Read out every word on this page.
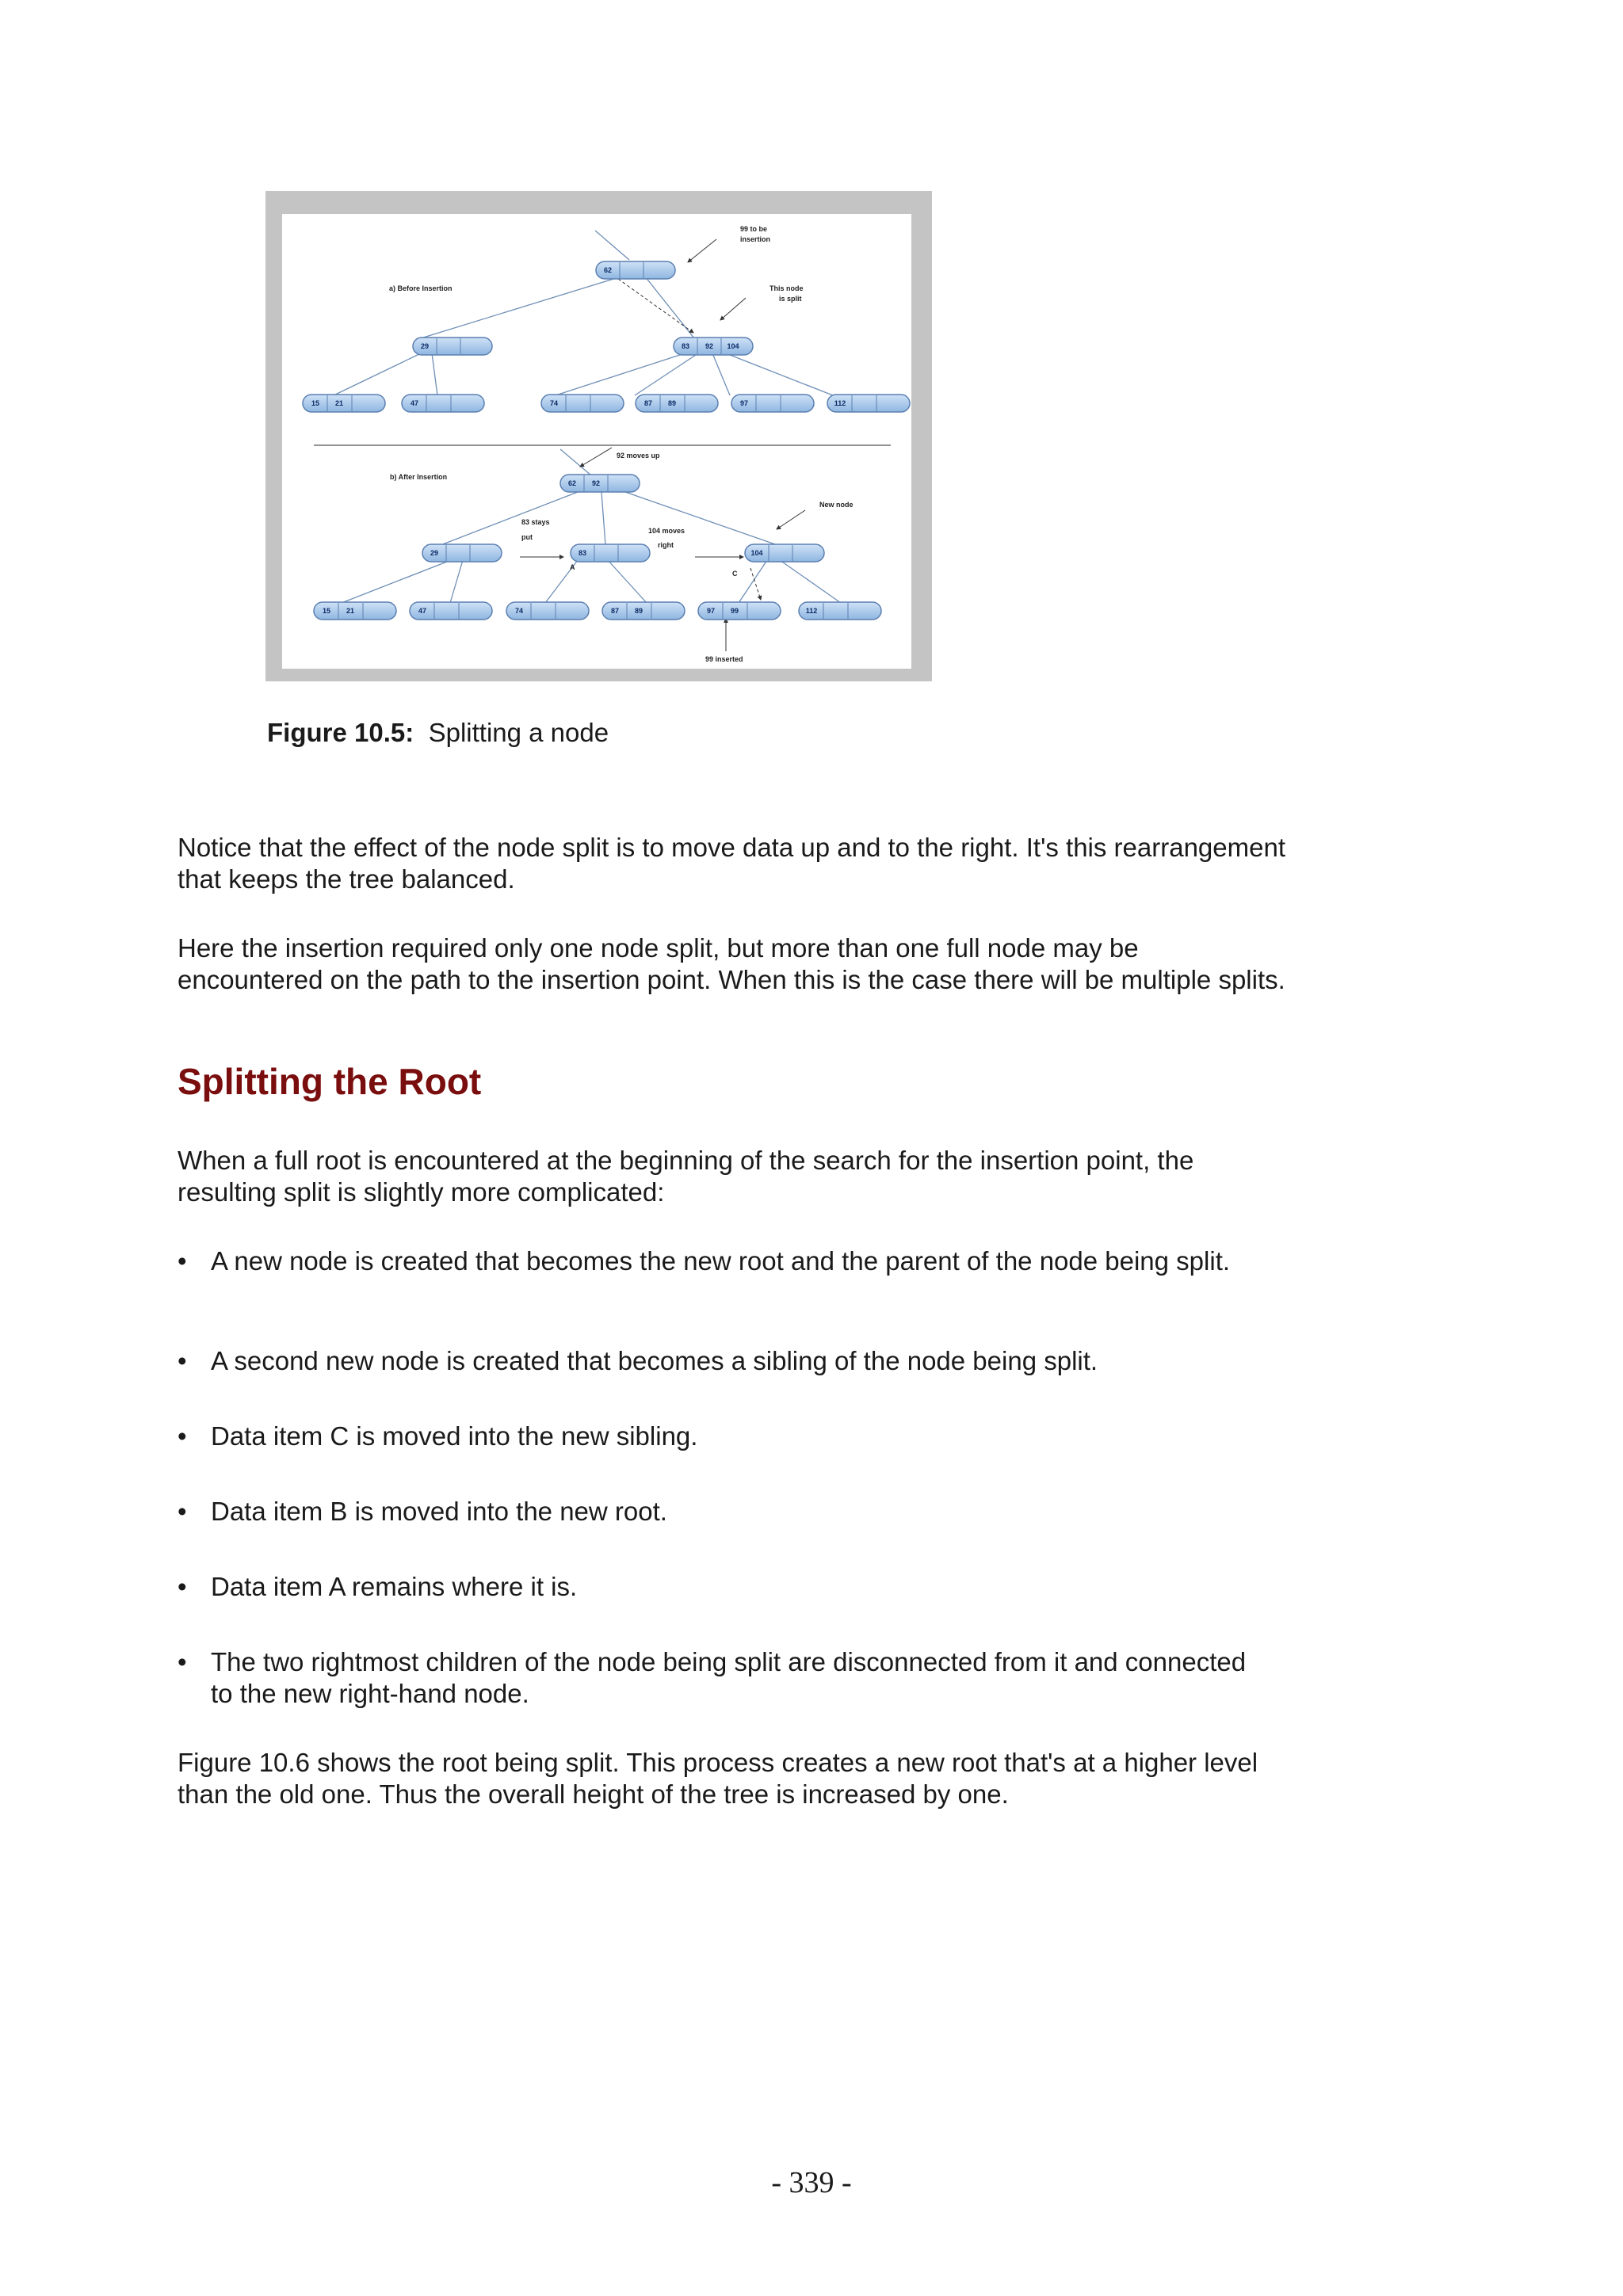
62
29	83 92 104
15 21	47	74	87 89	97	112
a) Before Insertion
99 to be
insertion
This node
is split
62 92
29	83	104
15 21	47	74	87 89	97 99	112
b) After Insertion
92 moves up
New node
83 stays
put
104 moves
right
A
C
99 inserted
Figure 10.5: Splitting a node

Notice that the effect of the node split is to move data up and to the right. It's this rearrangement that keeps the tree balanced.

Here the insertion required only one node split, but more than one full node may be encountered on the path to the insertion point. When this is the case there will be multiple splits.

Splitting the Root

When a full root is encountered at the beginning of the search for the insertion point, the resulting split is slightly more complicated:

• A new node is created that becomes the new root and the parent of the node being split.
• A second new node is created that becomes a sibling of the node being split.
• Data item C is moved into the new sibling.
• Data item B is moved into the new root.
• Data item A remains where it is.
• The two rightmost children of the node being split are disconnected from it and connected to the new right-hand node.

Figure 10.6 shows the root being split. This process creates a new root that's at a higher level than the old one. Thus the overall height of the tree is increased by one.

- 339 -
